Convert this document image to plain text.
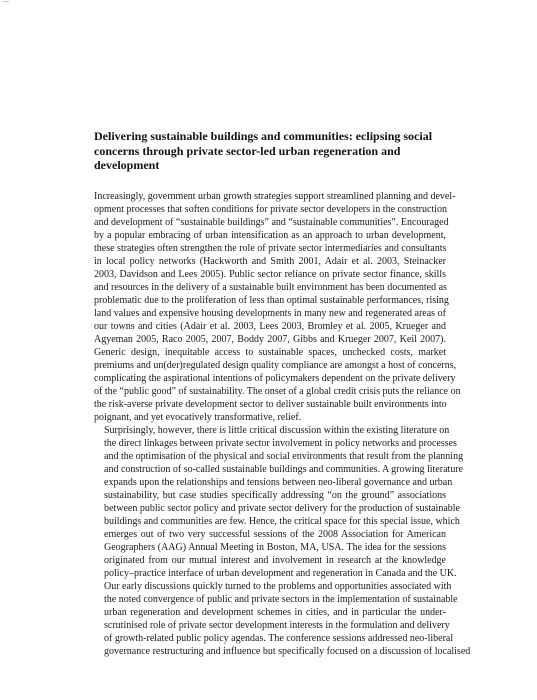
—
Delivering sustainable buildings and communities: eclipsing social concerns through private sector-led urban regeneration and development

Increasingly, government urban growth strategies support streamlined planning and devel-
opment processes that soften conditions for private sector developers in the construction
and development of “sustainable buildings” and “sustainable communities”. Encouraged
by a popular embracing of urban intensification as an approach to urban development,
these strategies often strengthen the role of private sector intermediaries and consultants
in local policy networks (Hackworth and Smith 2001, Adair et al. 2003, Steinacker
2003, Davidson and Lees 2005). Public sector reliance on private sector finance, skills
and resources in the delivery of a sustainable built environment has been documented as
problematic due to the proliferation of less than optimal sustainable performances, rising
land values and expensive housing developments in many new and regenerated areas of
our towns and cities (Adair et al. 2003, Lees 2003, Bromley et al. 2005, Krueger and
Agyeman 2005, Raco 2005, 2007, Boddy 2007, Gibbs and Krueger 2007, Keil 2007).
Generic design, inequitable access to sustainable spaces, unchecked costs, market
premiums and un(der)regulated design quality compliance are amongst a host of concerns,
complicating the aspirational intentions of policymakers dependent on the private delivery
of the “public good” of sustainability. The onset of a global credit crisis puts the reliance on
the risk-averse private development sector to deliver sustainable built environments into
poignant, and yet evocatively transformative, relief.

Surprisingly, however, there is little critical discussion within the existing literature on
the direct linkages between private sector involvement in policy networks and processes
and the optimisation of the physical and social environments that result from the planning
and construction of so-called sustainable buildings and communities. A growing literature
expands upon the relationships and tensions between neo-liberal governance and urban
sustainability, but case studies specifically addressing “on the ground” associations
between public sector policy and private sector delivery for the production of sustainable
buildings and communities are few. Hence, the critical space for this special issue, which
emerges out of two very successful sessions of the 2008 Association for American
Geographers (AAG) Annual Meeting in Boston, MA, USA. The idea for the sessions
originated from our mutual interest and involvement in research at the knowledge
policy–practice interface of urban development and regeneration in Canada and the UK.
Our early discussions quickly turned to the problems and opportunities associated with
the noted convergence of public and private sectors in the implementation of sustainable
urban regeneration and development schemes in cities, and in particular the under-
scrutinised role of private sector development interests in the formulation and delivery
of growth-related public policy agendas. The conference sessions addressed neo-liberal
governance restructuring and influence but specifically focused on a discussion of localised
